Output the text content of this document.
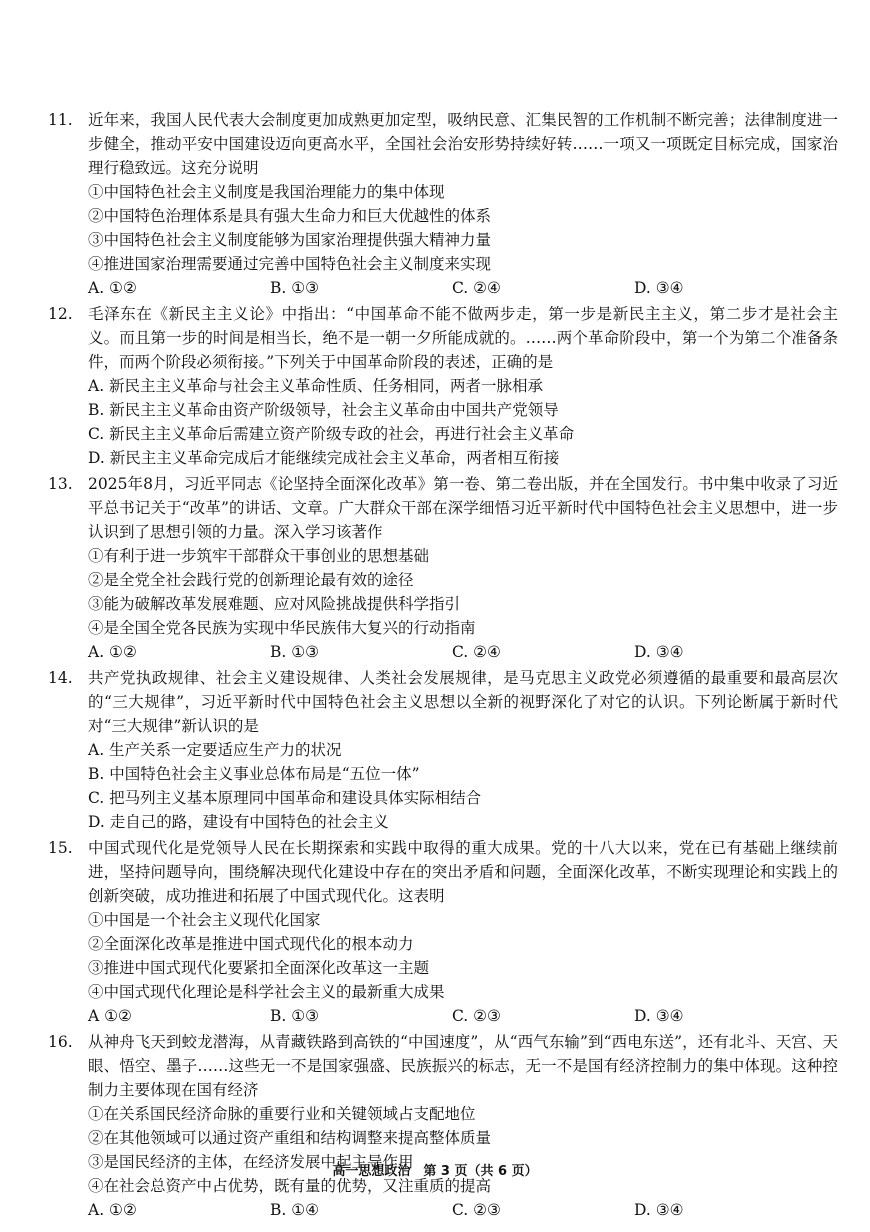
11. 近年来，我国人民代表大会制度更加成熟更加定型，吸纳民意、汇集民智的工作机制不断完善；法律制度进一步健全，推动平安中国建设迈向更高水平，全国社会治安形势持续好转……一项又一项既定目标完成，国家治理行稳致远。这充分说明
①中国特色社会主义制度是我国治理能力的集中体现
②中国特色治理体系是具有强大生命力和巨大优越性的体系
③中国特色社会主义制度能够为国家治理提供强大精神力量
④推进国家治理需要通过完善中国特色社会主义制度来实现
A. ①②	B. ①③	C. ②④	D. ③④
12. 毛泽东在《新民主主义论》中指出：“中国革命不能不做两步走，第一步是新民主主义，第二步才是社会主义。而且第一步的时间是相当长，绝不是一朝一夕所能成就的。……两个革命阶段中，第一个为第二个准备条件，而两个阶段必须衔接。”下列关于中国革命阶段的表述，正确的是
A. 新民主主义革命与社会主义革命性质、任务相同，两者一脉相承
B. 新民主主义革命由资产阶级领导，社会主义革命由中国共产党领导
C. 新民主主义革命后需建立资产阶级专政的社会，再进行社会主义革命
D. 新民主主义革命完成后才能继续完成社会主义革命，两者相互衔接
13. 2025年8月，习近平同志《论坚持全面深化改革》第一卷、第二卷出版，并在全国发行。书中集中收录了习近平总书记关于“改革”的讲话、文章。广大群众干部在深学细悟习近平新时代中国特色社会主义思想中，进一步认识到了思想引领的力量。深入学习该著作
①有利于进一步筑牢干部群众干事创业的思想基础
②是全党全社会践行党的创新理论最有效的途径
③能为破解改革发展难题、应对风险挑战提供科学指引
④是全国全党各民族为实现中华民族伟大复兴的行动指南
A. ①②	B. ①③	C. ②④	D. ③④
14. 共产党执政规律、社会主义建设规律、人类社会发展规律，是马克思主义政党必须遵循的最重要和最高层次的“三大规律”，习近平新时代中国特色社会主义思想以全新的视野深化了对它的认识。下列论断属于新时代对“三大规律”新认识的是
A. 生产关系一定要适应生产力的状况
B. 中国特色社会主义事业总体布局是“五位一体”
C. 把马列主义基本原理同中国革命和建设具体实际相结合
D. 走自己的路，建设有中国特色的社会主义
15. 中国式现代化是党领导人民在长期探索和实践中取得的重大成果。党的十八大以来，党在已有基础上继续前进，坚持问题导向，围绕解决现代化建设中存在的突出矛盾和问题，全面深化改革，不断实现理论和实践上的创新突破，成功推进和拓展了中国式现代化。这表明
①中国是一个社会主义现代化国家
②全面深化改革是推进中国式现代化的根本动力
③推进中国式现代化要紧扣全面深化改革这一主题
④中国式现代化理论是科学社会主义的最新重大成果
A ①②	B. ①③	C. ②③	D. ③④
16. 从神舟飞天到蛟龙潜海，从青藏铁路到高铁的“中国速度”，从“西气东输”到“西电东送”，还有北斗、天宫、天眼、悟空、墨子……这些无一不是国家强盛、民族振兴的标志，无一不是国有经济控制力的集中体现。这种控制力主要体现在国有经济
①在关系国民经济命脉的重要行业和关键领域占支配地位
②在其他领域可以通过资产重组和结构调整来提高整体质量
③是国民经济的主体，在经济发展中起主导作用
④在社会总资产中占优势，既有量的优势，又注重质的提高
A. ①②	B. ①④	C. ②③	D. ③④
高一思想政治　第 3 页（共 6 页）
